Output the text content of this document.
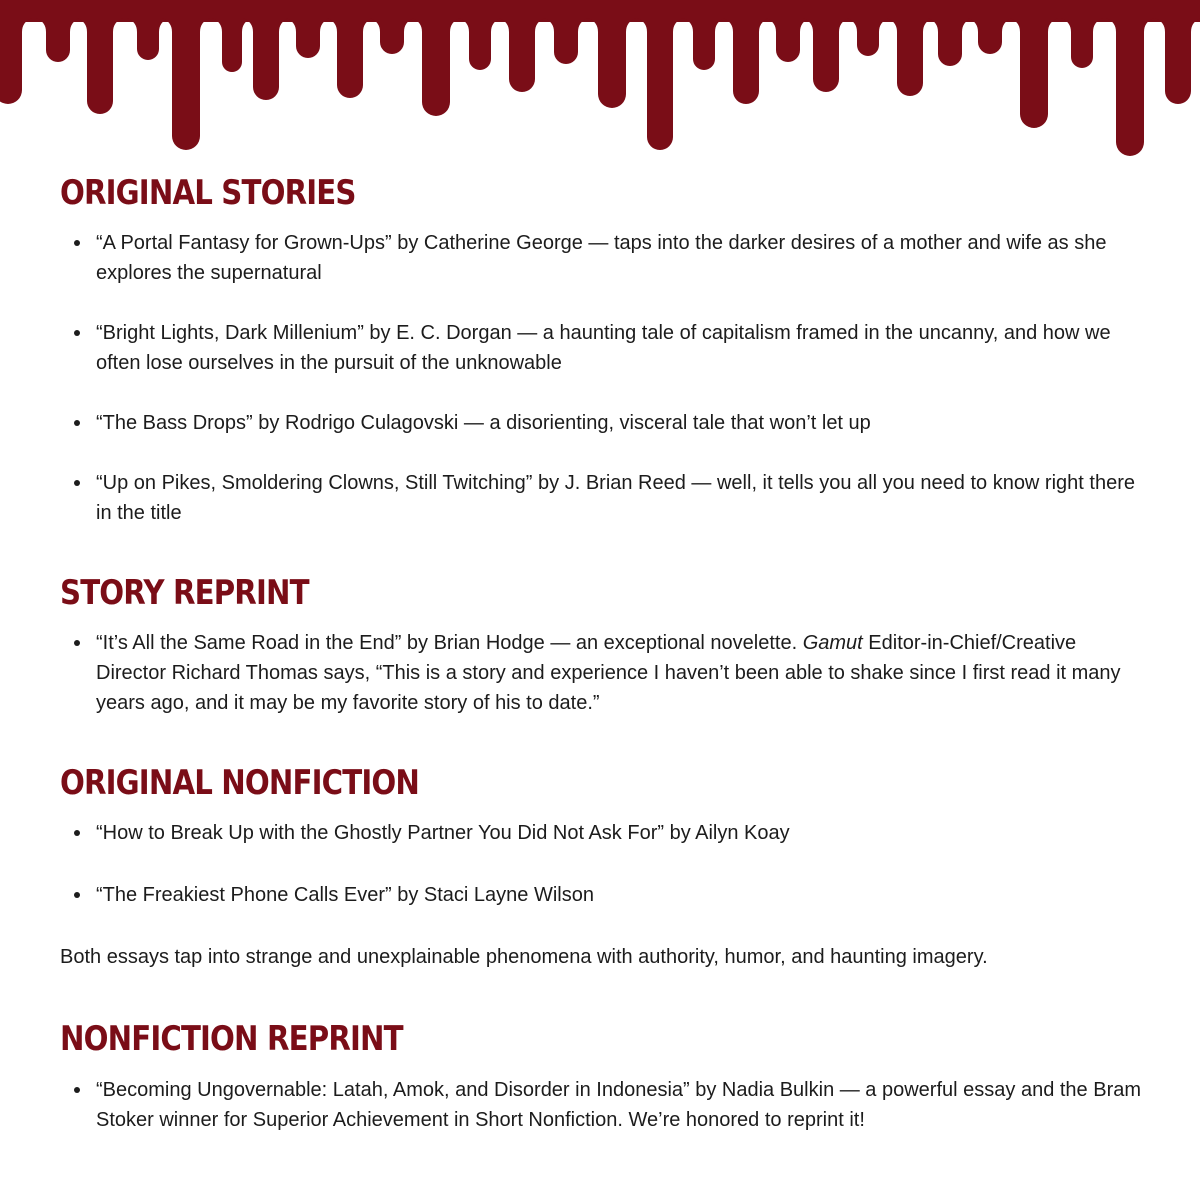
ORIGINAL STORIES
“A Portal Fantasy for Grown-Ups” by Catherine George — taps into the darker desires of a mother and wife as she explores the supernatural
“Bright Lights, Dark Millenium” by E. C. Dorgan — a haunting tale of capitalism framed in the uncanny, and how we often lose ourselves in the pursuit of the unknowable
“The Bass Drops” by Rodrigo Culagovski — a disorienting, visceral tale that won’t let up
“Up on Pikes, Smoldering Clowns, Still Twitching” by J. Brian Reed — well, it tells you all you need to know right there in the title
STORY REPRINT
“It’s All the Same Road in the End” by Brian Hodge — an exceptional novelette. Gamut Editor-in-Chief/Creative Director Richard Thomas says, “This is a story and experience I haven’t been able to shake since I first read it many years ago, and it may be my favorite story of his to date.”
ORIGINAL NONFICTION
“How to Break Up with the Ghostly Partner You Did Not Ask For” by Ailyn Koay
“The Freakiest Phone Calls Ever” by Staci Layne Wilson

Both essays tap into strange and unexplainable phenomena with authority, humor, and haunting imagery.

NONFICTION REPRINT
“Becoming Ungovernable: Latah, Amok, and Disorder in Indonesia” by Nadia Bulkin — a powerful essay and the Bram Stoker winner for Superior Achievement in Short Nonfiction. We’re honored to reprint it!
